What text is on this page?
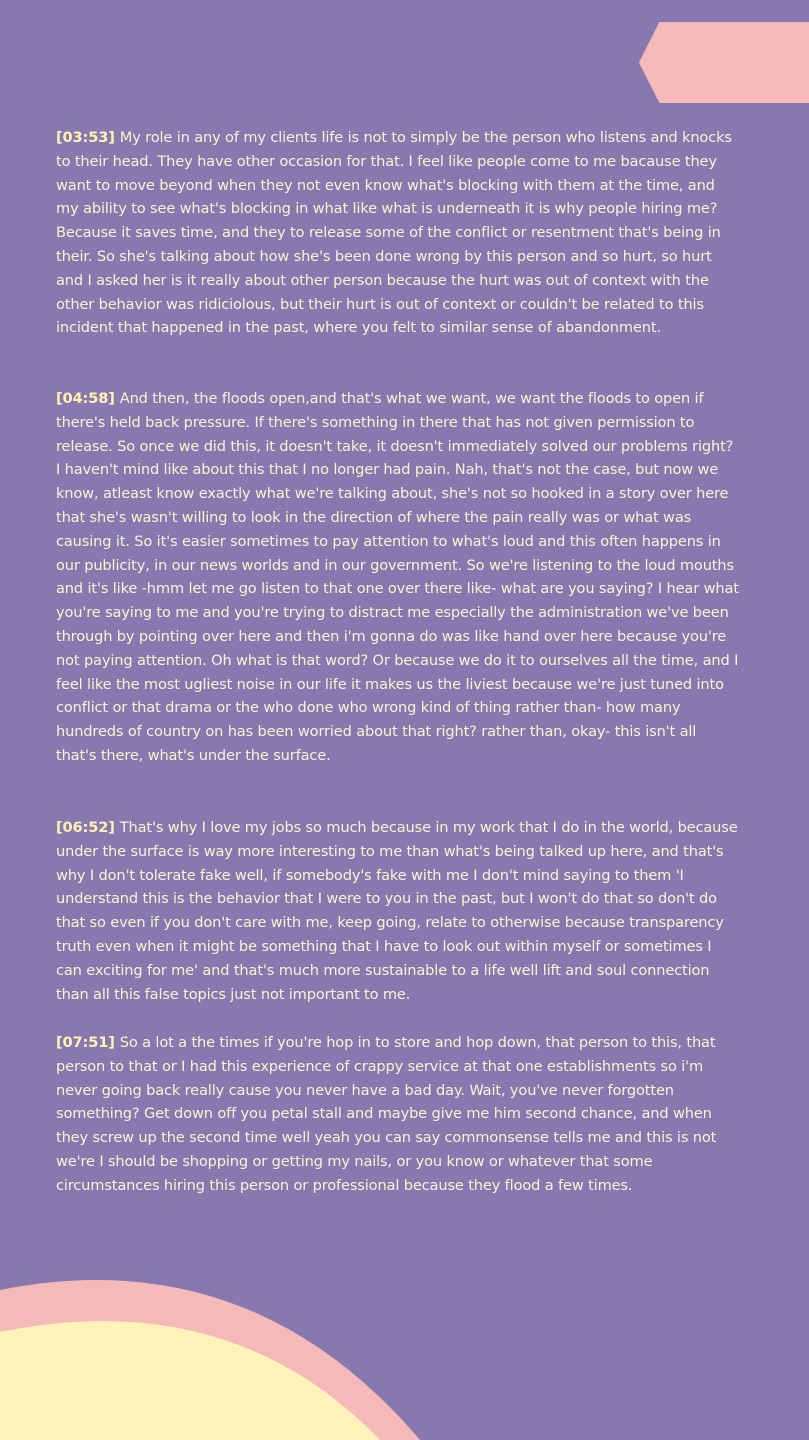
[03:53] My role in any of my clients life is not to simply be the person who listens and knocks to their head. They have other occasion for that. I feel like people come to me bacause they want to move beyond when they not even know what's blocking with them at the time, and my ability to see what's blocking in what like what is underneath it is why people hiring me? Because it saves time, and they to release some of the conflict or resentment that's being in their. So she's talking about how she's been done wrong by this person and so hurt, so hurt and I asked her is it really about other person because the hurt was out of context with the other behavior was ridiciolous, but their hurt is out of context or couldn't be related to this incident that happened in the past, where you felt to similar sense of abandonment.

[04:58] And then, the floods open,and that's what we want, we want the floods to open if there's held back pressure. If there's something in there that has not given permission to release. So once we did this, it doesn't take, it doesn't immediately solved our problems right? I haven't mind like about this that I no longer had pain. Nah, that's not the case, but now we know, atleast know exactly what we're talking about, she's not so hooked in a story over here that she's wasn't willing to look in the direction of where the pain really was or what was causing it. So it's easier sometimes to pay attention to what's loud and this often happens in our publicity, in our news worlds and in our government. So we're listening to the loud mouths and it's like -hmm let me go listen to that one over there like- what are you saying? I hear what you're saying to me and you're trying to distract me especially the administration we've been through by pointing over here and then i'm gonna do was like hand over here because you're not paying attention. Oh what is that word? Or because we do it to ourselves all the time, and I feel like the most ugliest noise in our life it makes us the liviest because we're just tuned into conflict or that drama or the who done who wrong kind of thing rather than- how many hundreds of country on has been worried about that right? rather than, okay- this isn't all that's there, what's under the surface.

[06:52] That's why I love my jobs so much because in my work that I do in the world, because under the surface is way more interesting to me than what's being talked up here, and that's why I don't tolerate fake well, if somebody's fake with me I don't mind saying to them 'I understand this is the behavior that I were to you in the past, but I won't do that so don't do that so even if you don't care with me, keep going, relate to otherwise because transparency truth even when it might be something that I have to look out within myself or sometimes I can exciting for me' and that's much more sustainable to a life well lift and soul connection than all this false topics just not important to me.

[07:51] So a lot a the times if you're hop in to store and hop down, that person to this, that person to that or I had this experience of crappy service at that one establishments so i'm never going back really cause you never have a bad day. Wait, you've never forgotten something? Get down off you petal stall and maybe give me him second chance, and when they screw up the second time well yeah you can say commonsense tells me and this is not we're I should be shopping or getting my nails, or you know or whatever that some circumstances hiring this person or professional because they flood a few times.
